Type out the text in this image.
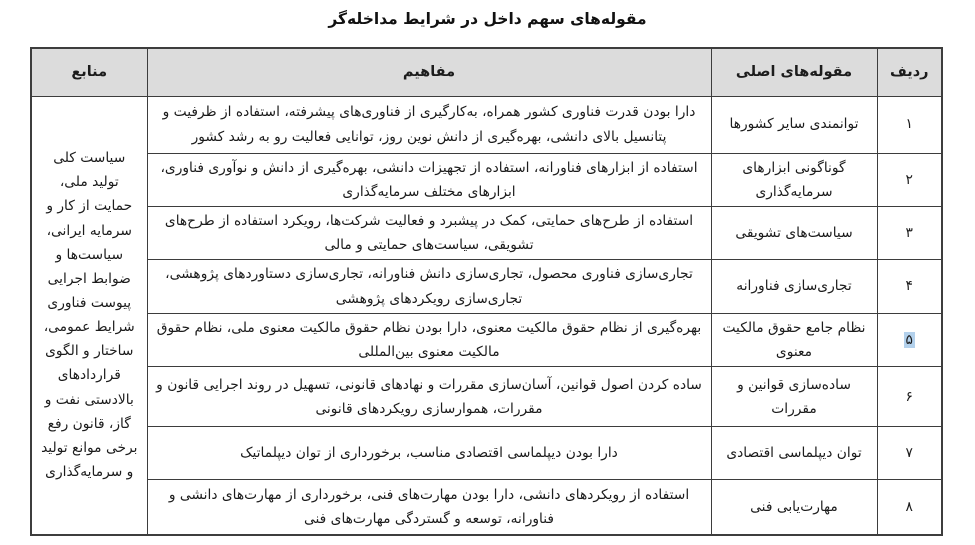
مقوله‌های سهم داخل در شرایط مداخله‌گر
ردیف	مقوله‌های اصلی	مفاهیم	منابع
۱	توانمندی سایر کشورها	دارا بودن قدرت فناوری کشور همراه، به‌کارگیری از فناوری‌های پیشرفته، استفاده از ظرفیت و پتانسیل بالای دانشی، بهره‌گیری از دانش نوین روز، توانایی فعالیت رو به رشد کشور	سیاست کلی تولید ملی، حمایت از کار و سرمایه ایرانی، سیاست‌ها و ضوابط اجرایی پیوست فناوری شرایط عمومی، ساختار و الگوی قراردادهای بالادستی نفت و گاز، قانون رفع برخی موانع تولید و سرمایه‌گذاری
۲	گوناگونی ابزارهای سرمایه‌گذاری	استفاده از ابزارهای فناورانه، استفاده از تجهیزات دانشی، بهره‌گیری از دانش و نوآوری فناوری، ابزارهای مختلف سرمایه‌گذاری	
۳	سیاست‌های تشویقی	استفاده از طرح‌های حمایتی، کمک در پیشبرد و فعالیت شرکت‌ها، رویکرد استفاده از طرح‌های تشویقی، سیاست‌های حمایتی و مالی	
۴	تجاری‌سازی فناورانه	تجاری‌سازی فناوری محصول، تجاری‌سازی دانش فناورانه، تجاری‌سازی دستاوردهای پژوهشی، تجاری‌سازی رویکردهای پژوهشی	
۵	نظام جامع حقوق مالکیت معنوی	بهره‌گیری از نظام حقوق مالکیت معنوی، دارا بودن نظام حقوق مالکیت معنوی ملی، نظام حقوق مالکیت معنوی بین‌المللی	
۶	ساده‌سازی قوانین و مقررات	ساده کردن اصول قوانین، آسان‌سازی مقررات و نهادهای قانونی، تسهیل در روند اجرایی قانون و مقررات، هموارسازی رویکردهای قانونی	
۷	توان دیپلماسی اقتصادی	دارا بودن دیپلماسی اقتصادی مناسب، برخورداری از توان دیپلماتیک	
۸	مهارت‌یابی فنی	استفاده از رویکردهای دانشی، دارا بودن مهارت‌های فنی، برخورداری از مهارت‌های دانشی و فناورانه، توسعه و گستردگی مهارت‌های فنی	
